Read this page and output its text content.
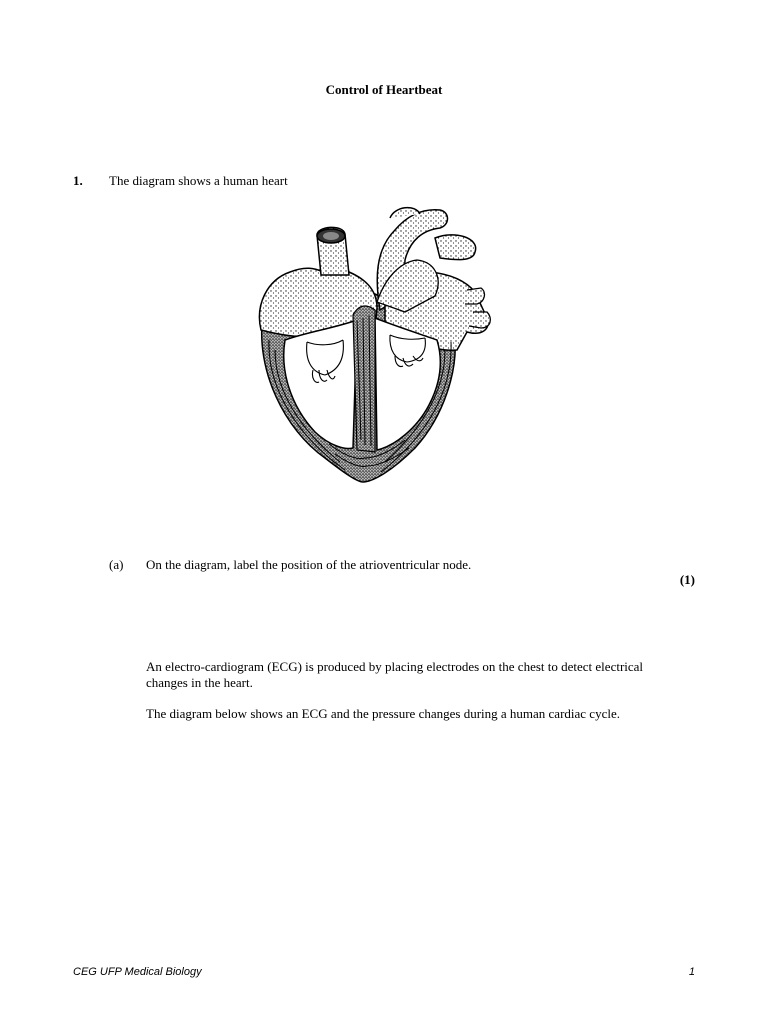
Control of Heartbeat
1. The diagram shows a human heart
(a) On the diagram, label the position of the atrioventricular node.
(1)
An electro-cardiogram (ECG) is produced by placing electrodes on the chest to detect electrical changes in the heart.
The diagram below shows an ECG and the pressure changes during a human cardiac cycle.
CEG UFP Medical Biology	1
